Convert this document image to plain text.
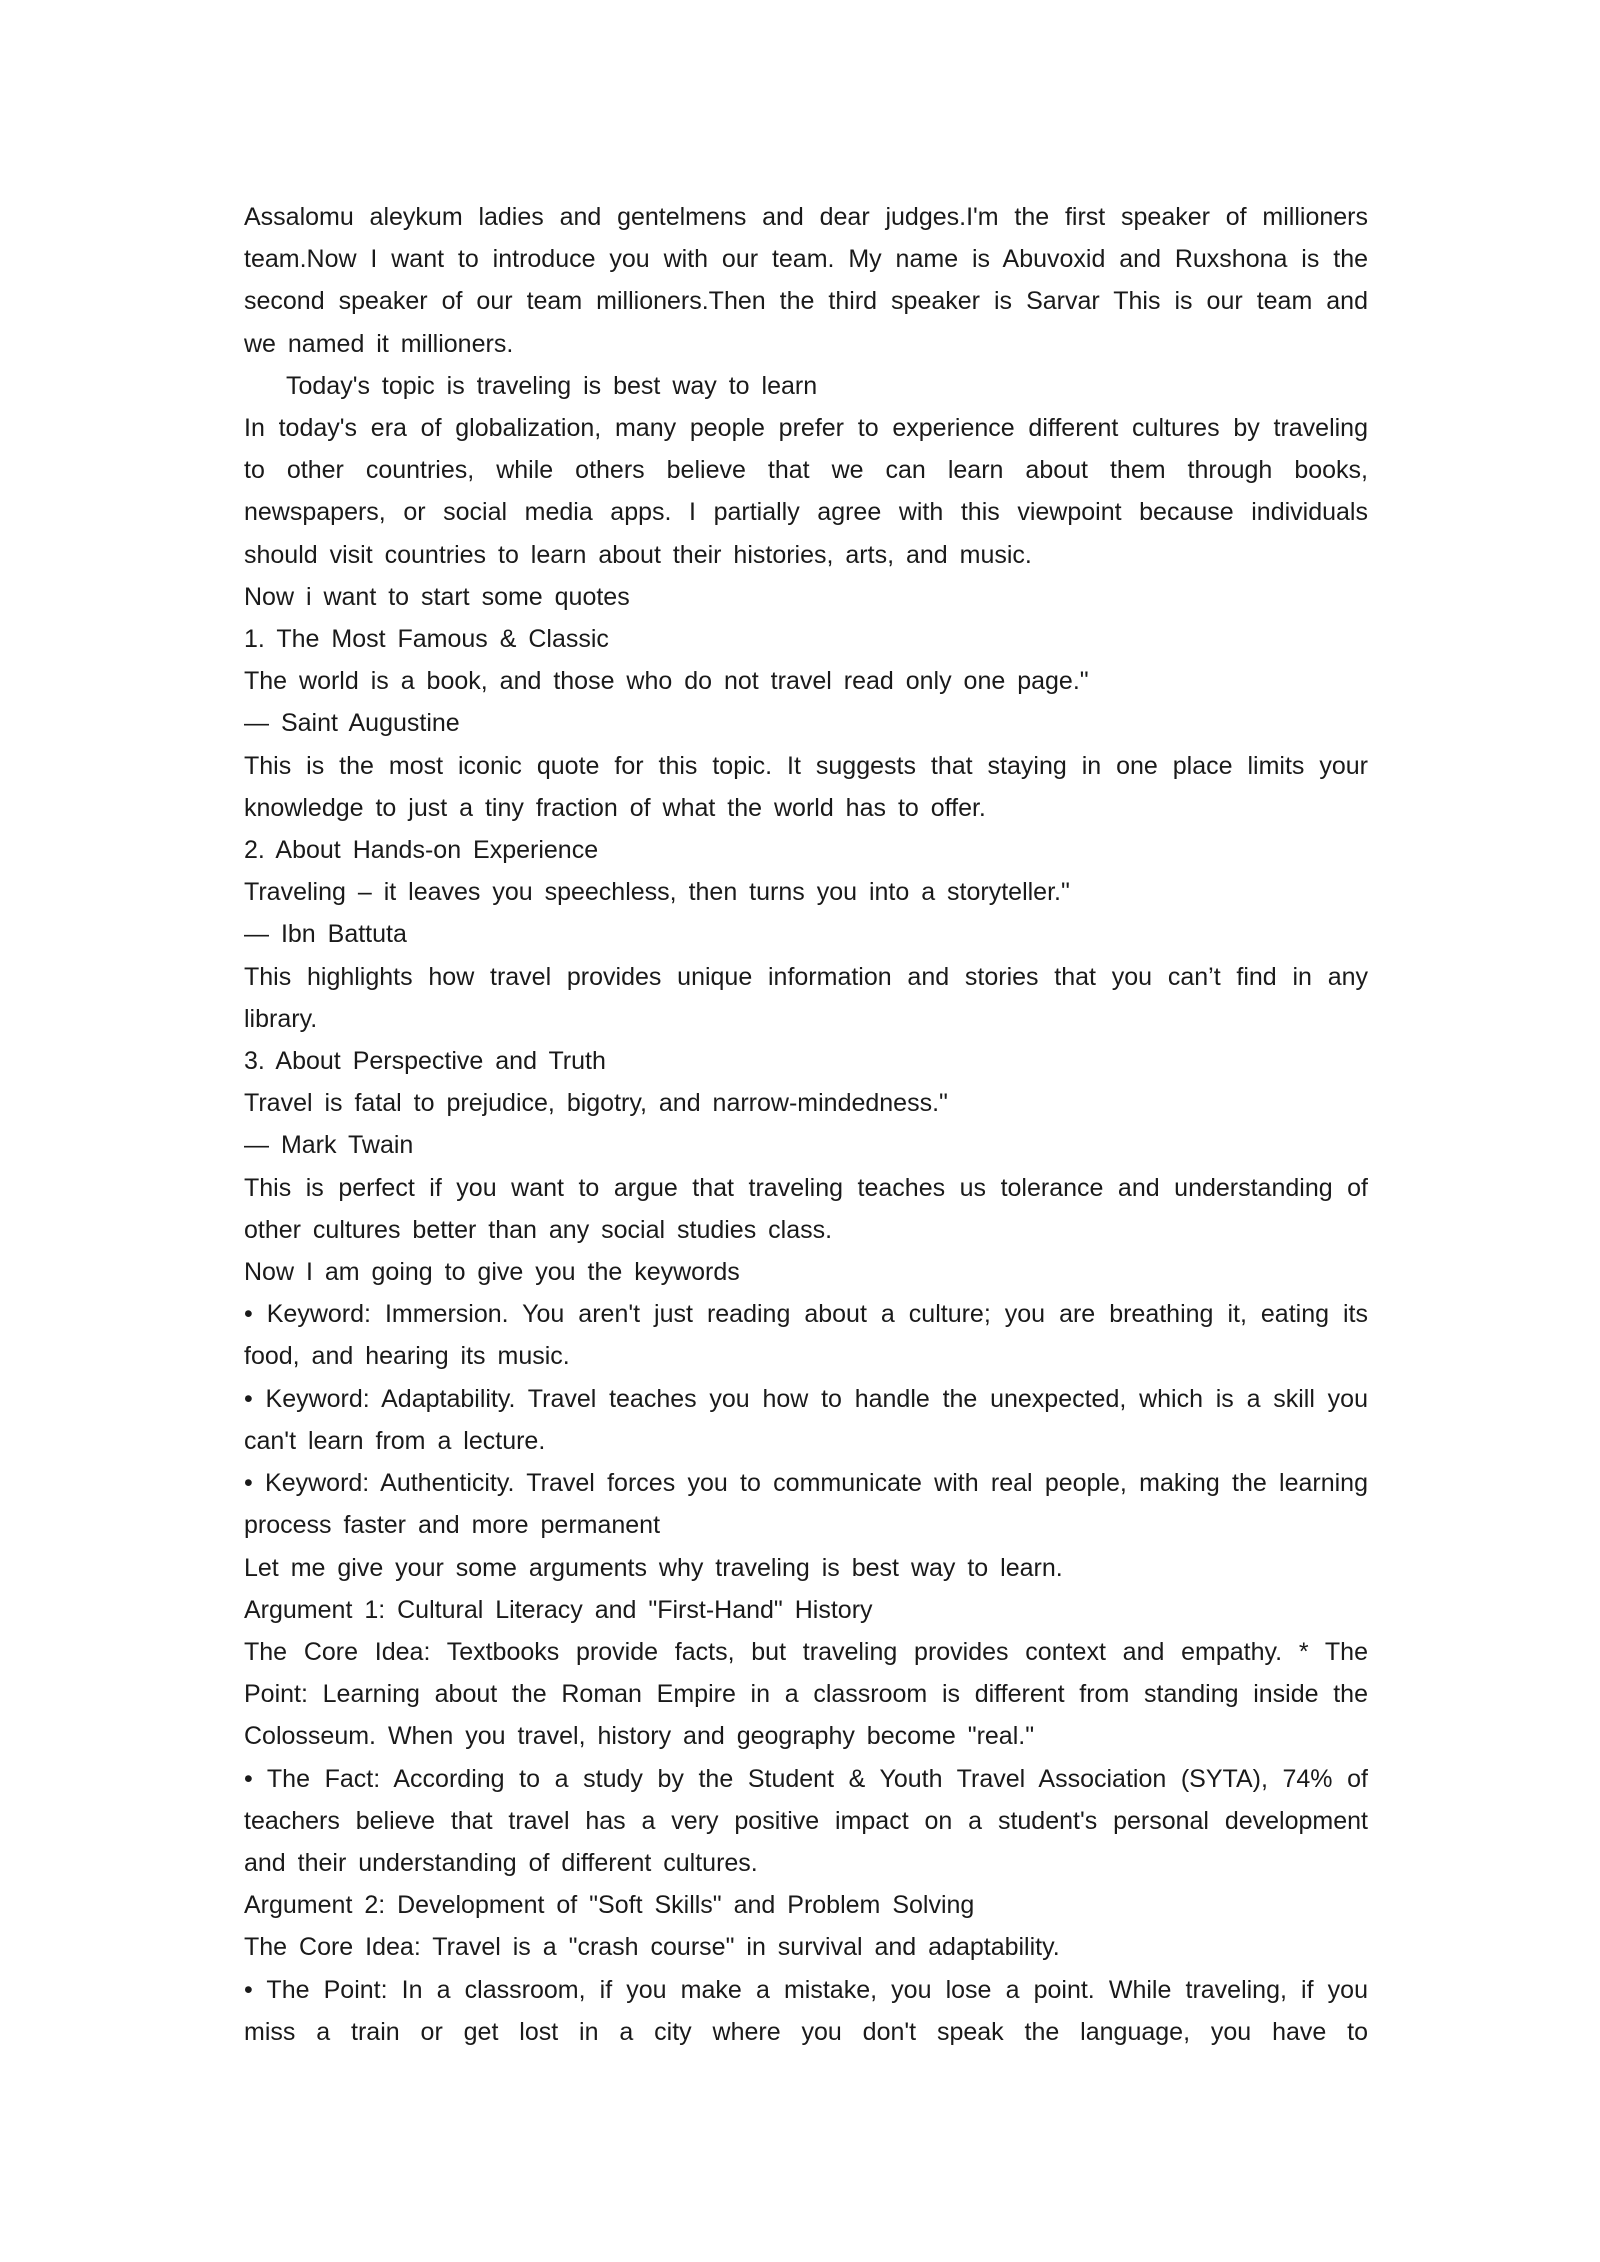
Assalomu aleykum ladies and gentelmens and dear judges.I'm the first speaker of millioners team.Now I want to introduce you with our team. My name is Abuvoxid and Ruxshona is the second speaker of our team millioners.Then the third speaker is Sarvar This is our team and we named it millioners.

Today's topic is traveling is best way to learn

In today's era of globalization, many people prefer to experience different cultures by traveling to other countries, while others believe that we can learn about them through books, newspapers, or social media apps. I partially agree with this viewpoint because individuals should visit countries to learn about their histories, arts, and music.

Now i want to start some quotes

1. The Most Famous & Classic

The world is a book, and those who do not travel read only one page."

— Saint Augustine

This is the most iconic quote for this topic. It suggests that staying in one place limits your knowledge to just a tiny fraction of what the world has to offer.

2. About Hands-on Experience

Traveling – it leaves you speechless, then turns you into a storyteller."

— Ibn Battuta

This highlights how travel provides unique information and stories that you can’t find in any library.

3. About Perspective and Truth

Travel is fatal to prejudice, bigotry, and narrow-mindedness."

— Mark Twain

This is perfect if you want to argue that traveling teaches us tolerance and understanding of other cultures better than any social studies class.

Now I am going to give you the keywords

• Keyword: Immersion. You aren't just reading about a culture; you are breathing it, eating its food, and hearing its music.

• Keyword: Adaptability. Travel teaches you how to handle the unexpected, which is a skill you can't learn from a lecture.

• Keyword: Authenticity. Travel forces you to communicate with real people, making the learning process faster and more permanent

Let me give your some arguments why traveling is best way to learn.

Argument 1: Cultural Literacy and "First-Hand" History

The Core Idea: Textbooks provide facts, but traveling provides context and empathy. * The Point: Learning about the Roman Empire in a classroom is different from standing inside the Colosseum. When you travel, history and geography become "real."

• The Fact: According to a study by the Student & Youth Travel Association (SYTA), 74% of teachers believe that travel has a very positive impact on a student's personal development and their understanding of different cultures.

Argument 2: Development of "Soft Skills" and Problem Solving

The Core Idea: Travel is a "crash course" in survival and adaptability.

• The Point: In a classroom, if you make a mistake, you lose a point. While traveling, if you miss a train or get lost in a city where you don't speak the language, you have to
